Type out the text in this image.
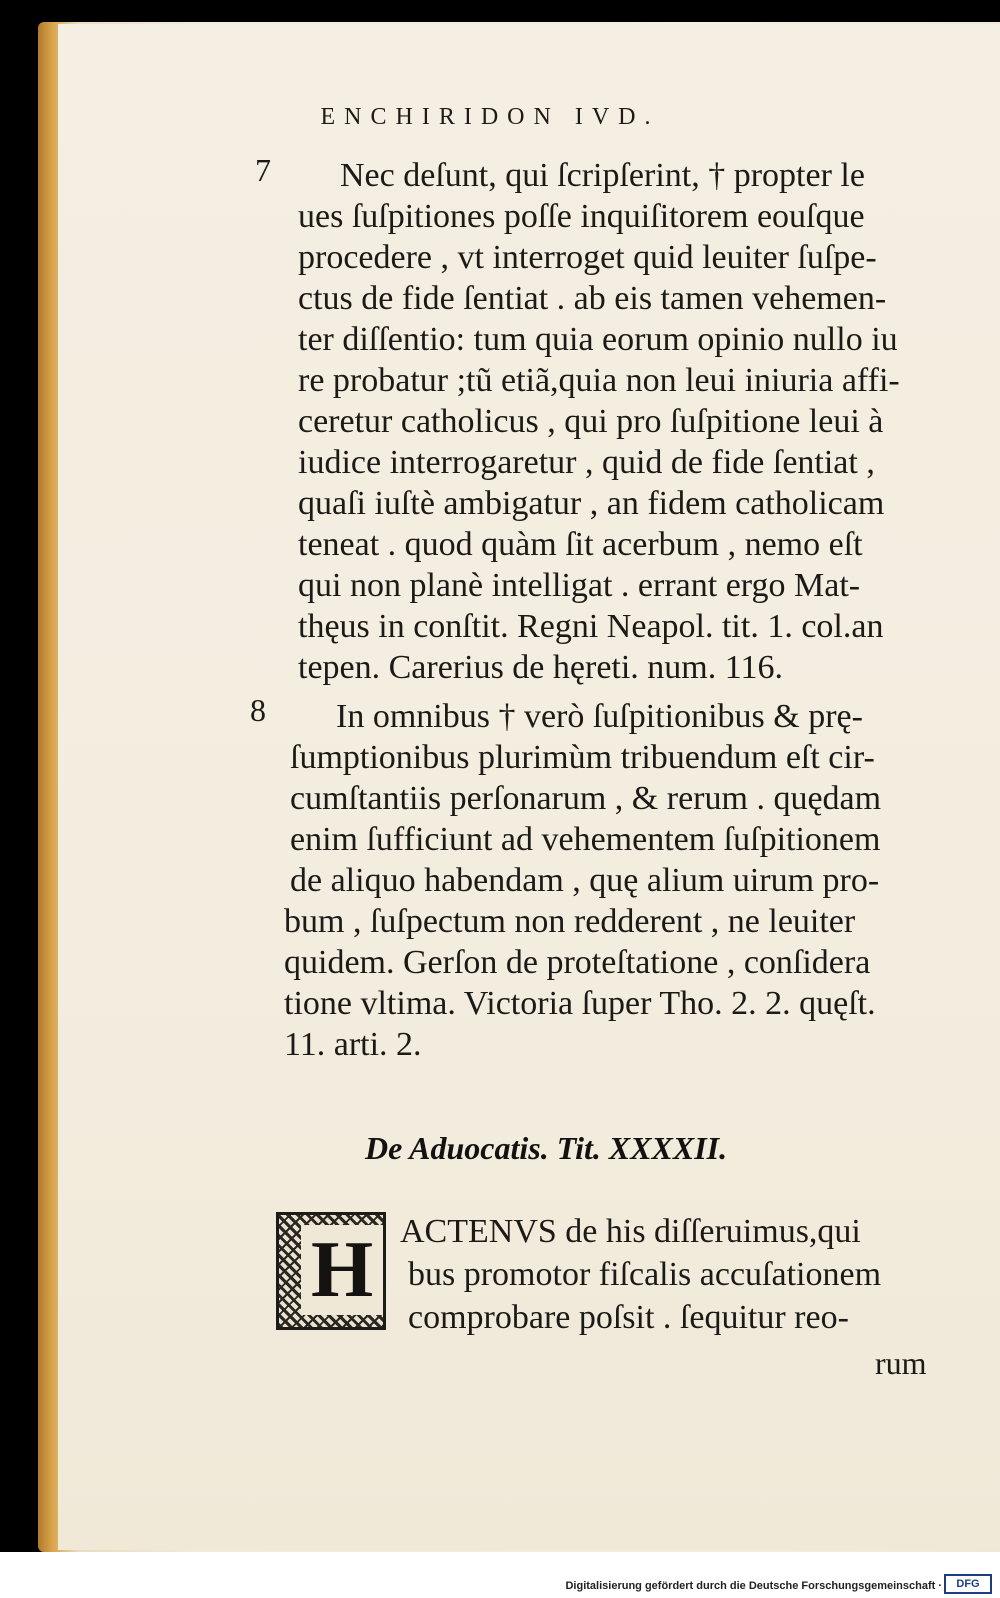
ENCHIRIDON IVD.
7
8
Nec deſunt, qui ſcripſerint, † propter le
ues ſuſpitiones poſſe inquiſitorem eouſque
procedere , vt interroget quid leuiter ſuſpe-
ctus de fide ſentiat . ab eis tamen vehemen-
ter diſſentio: tum quia eorum opinio nullo iu
re probatur ;tũ etiã,quia non leui iniuria affi-
ceretur catholicus , qui pro ſuſpitione leui à
iudice interrogaretur , quid de fide ſentiat ,
quaſi iuſtè ambigatur , an fidem catholicam
teneat . quod quàm ſit acerbum , nemo eſt
qui non planè intelligat . errant ergo Mat-
thęus in conſtit. Regni Neapol. tit. 1. col.an
tepen. Carerius de hęreti. num. 116.
In omnibus † verò ſuſpitionibus & prę-
ſumptionibus plurimùm tribuendum eſt cir-
cumſtantiis perſonarum , & rerum . quędam
enim ſufficiunt ad vehementem ſuſpitionem
de aliquo habendam , quę alium uirum pro-
bum , ſuſpectum non redderent , ne leuiter
quidem. Gerſon de proteſtatione , conſidera
tione vltima. Victoria ſuper Tho. 2. 2. quęſt.
11. arti. 2.
De Aduocatis. Tit. XXXXII.
H ACTENVS de his diſſeruimus,qui
bus promotor fiſcalis accuſationem
comprobare poſsit . ſequitur reo-
rum
Digitalisierung gefördert durch die Deutsche Forschungsgemeinschaft ·	DFG
